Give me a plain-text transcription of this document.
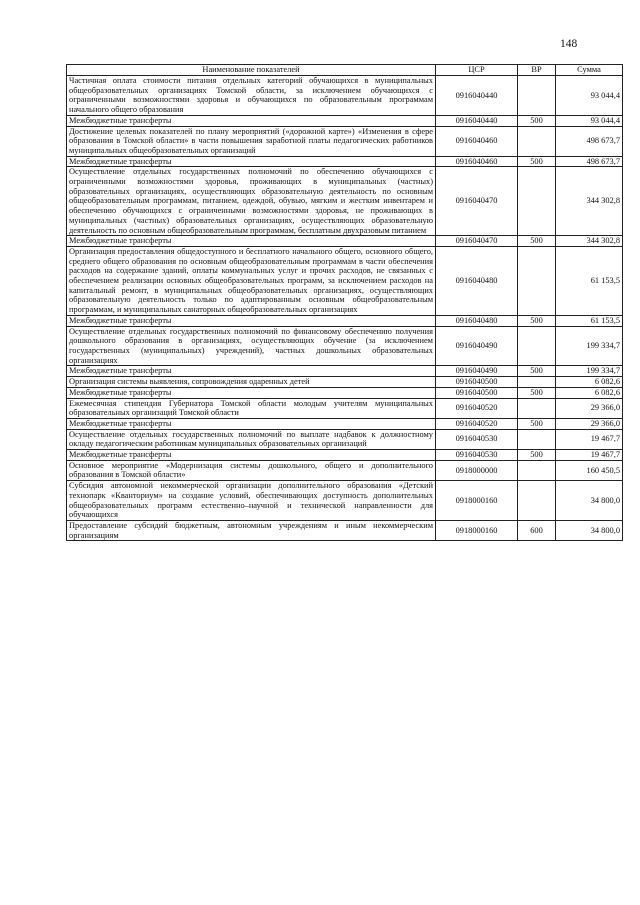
148
Наименование показателей	ЦСР	ВР	Сумма
Частичная оплата стоимости питания отдельных категорий обучающихся в муниципальных общеобразовательных организациях Томской области, за исключением обучающихся с ограниченными возможностями здоровья и обучающихся по образовательным программам начального общего образования	0916040440		93 044,4
Межбюджетные трансферты	0916040440	500	93 044,4
Достижение целевых показателей по плану мероприятий («дорожной карте») «Изменения в сфере образования в Томской области» в части повышения заработной платы педагогических работников муниципальных общеобразовательных организаций	0916040460		498 673,7
Межбюджетные трансферты	0916040460	500	498 673,7
Осуществление отдельных государственных полномочий по обеспечению обучающихся с ограниченными возможностями здоровья, проживающих в муниципальных (частных) образовательных организациях, осуществляющих образовательную деятельность по основным общеобразовательным программам, питанием, одеждой, обувью, мягким и жестким инвентарем и обеспечению обучающихся с ограниченными возможностями здоровья, не проживающих в муниципальных (частных) образовательных организациях, осуществляющих образовательную деятельность по основным общеобразовательным программам, бесплатным двухразовым питанием	0916040470		344 302,8
Межбюджетные трансферты	0916040470	500	344 302,8
Организация предоставления общедоступного и бесплатного начального общего, основного общего, среднего общего образования по основным общеобразовательным программам в части обеспечения расходов на содержание зданий, оплаты коммунальных услуг и прочих расходов, не связанных с обеспечением реализации основных общеобразовательных программ, за исключением расходов на капитальный ремонт, в муниципальных общеобразовательных организациях, осуществляющих образовательную деятельность только по адаптированным основным общеобразовательным программам, и муниципальных санаторных общеобразовательных организациях	0916040480		61 153,5
Межбюджетные трансферты	0916040480	500	61 153,5
Осуществление отдельных государственных полномочий по финансовому обеспечению получения дошкольного образования в организациях, осуществляющих обучение (за исключением государственных (муниципальных) учреждений), частных дошкольных образовательных организациях	0916040490		199 334,7
Межбюджетные трансферты	0916040490	500	199 334,7
Организация системы выявления, сопровождения одаренных детей	0916040500		6 082,6
Межбюджетные трансферты	0916040500	500	6 082,6
Ежемесячная стипендия Губернатора Томской области молодым учителям муниципальных образовательных организаций Томской области	0916040520		29 366,0
Межбюджетные трансферты	0916040520	500	29 366,0
Осуществление отдельных государственных полномочий по выплате надбавок к должностному окладу педагогическим работникам муниципальных образовательных организаций	0916040530		19 467,7
Межбюджетные трансферты	0916040530	500	19 467,7
Основное мероприятие «Модернизация системы дошкольного, общего и дополнительного образования в Томской области»	0918000000		160 450,5
Субсидия автономной некоммерческой организации дополнительного образования «Детский технопарк «Кванториум» на создание условий, обеспечивающих доступность дополнительных общеобразовательных программ естественно–научной и технической направленности для обучающихся	0918000160		34 800,0
Предоставление субсидий бюджетным, автономным учреждениям и иным некоммерческим организациям	0918000160	600	34 800,0
